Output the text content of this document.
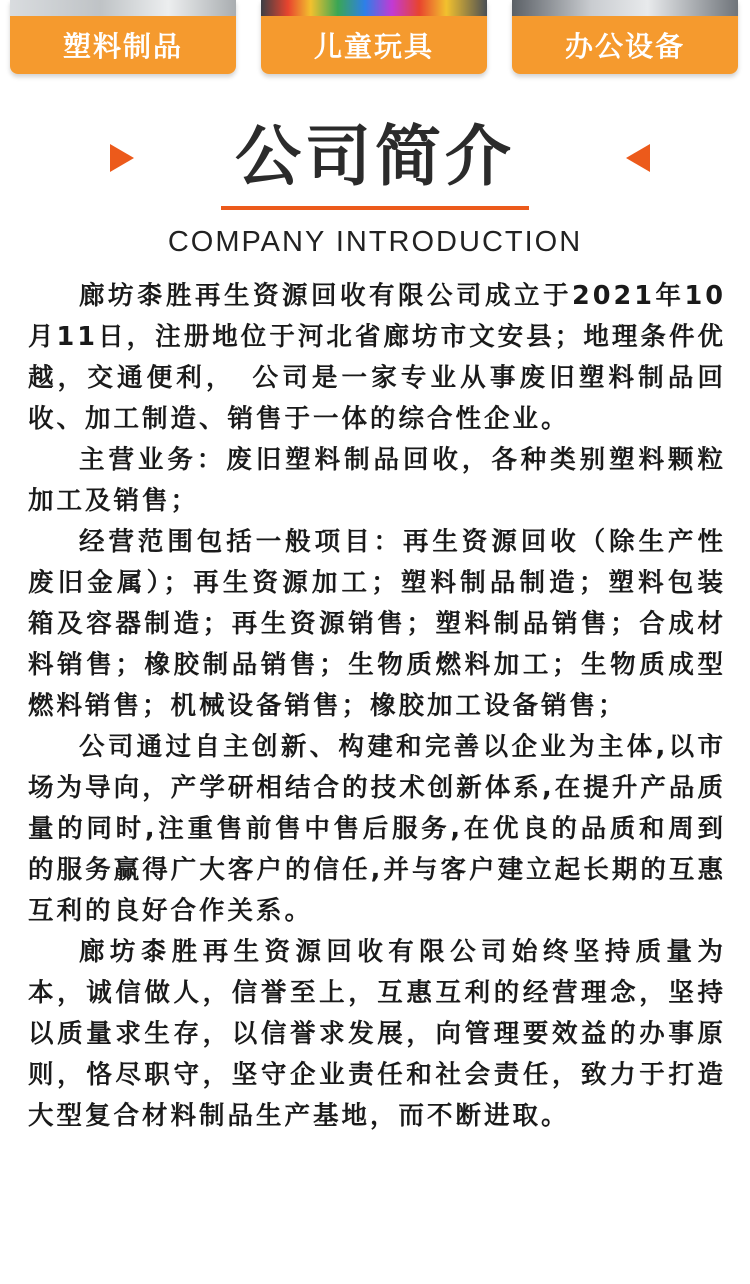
塑料制品	儿童玩具	办公设备
公司简介
COMPANY INTRODUCTION

廊坊桼胜再生资源回收有限公司成立于2021年10月11日，注册地位于河北省廊坊市文安县；地理条件优越，交通便利，　公司是一家专业从事废旧塑料制品回收、加工制造、销售于一体的综合性企业。

主营业务：废旧塑料制品回收，各种类别塑料颗粒加工及销售；

经营范围包括一般项目：再生资源回收（除生产性废旧金属）；再生资源加工；塑料制品制造；塑料包装箱及容器制造；再生资源销售；塑料制品销售；合成材料销售；橡胶制品销售；生物质燃料加工；生物质成型燃料销售；机械设备销售；橡胶加工设备销售；

公司通过自主创新、构建和完善以企业为主体,以市场为导向，产学研相结合的技术创新体系,在提升产品质量的同时,注重售前售中售后服务,在优良的品质和周到的服务赢得广大客户的信任,并与客户建立起长期的互惠互利的良好合作关系。

廊坊桼胜再生资源回收有限公司始终坚持质量为本，诚信做人，信誉至上，互惠互利的经营理念，坚持以质量求生存，以信誉求发展，向管理要效益的办事原则，恪尽职守，坚守企业责任和社会责任，致力于打造大型复合材料制品生产基地，而不断进取。
